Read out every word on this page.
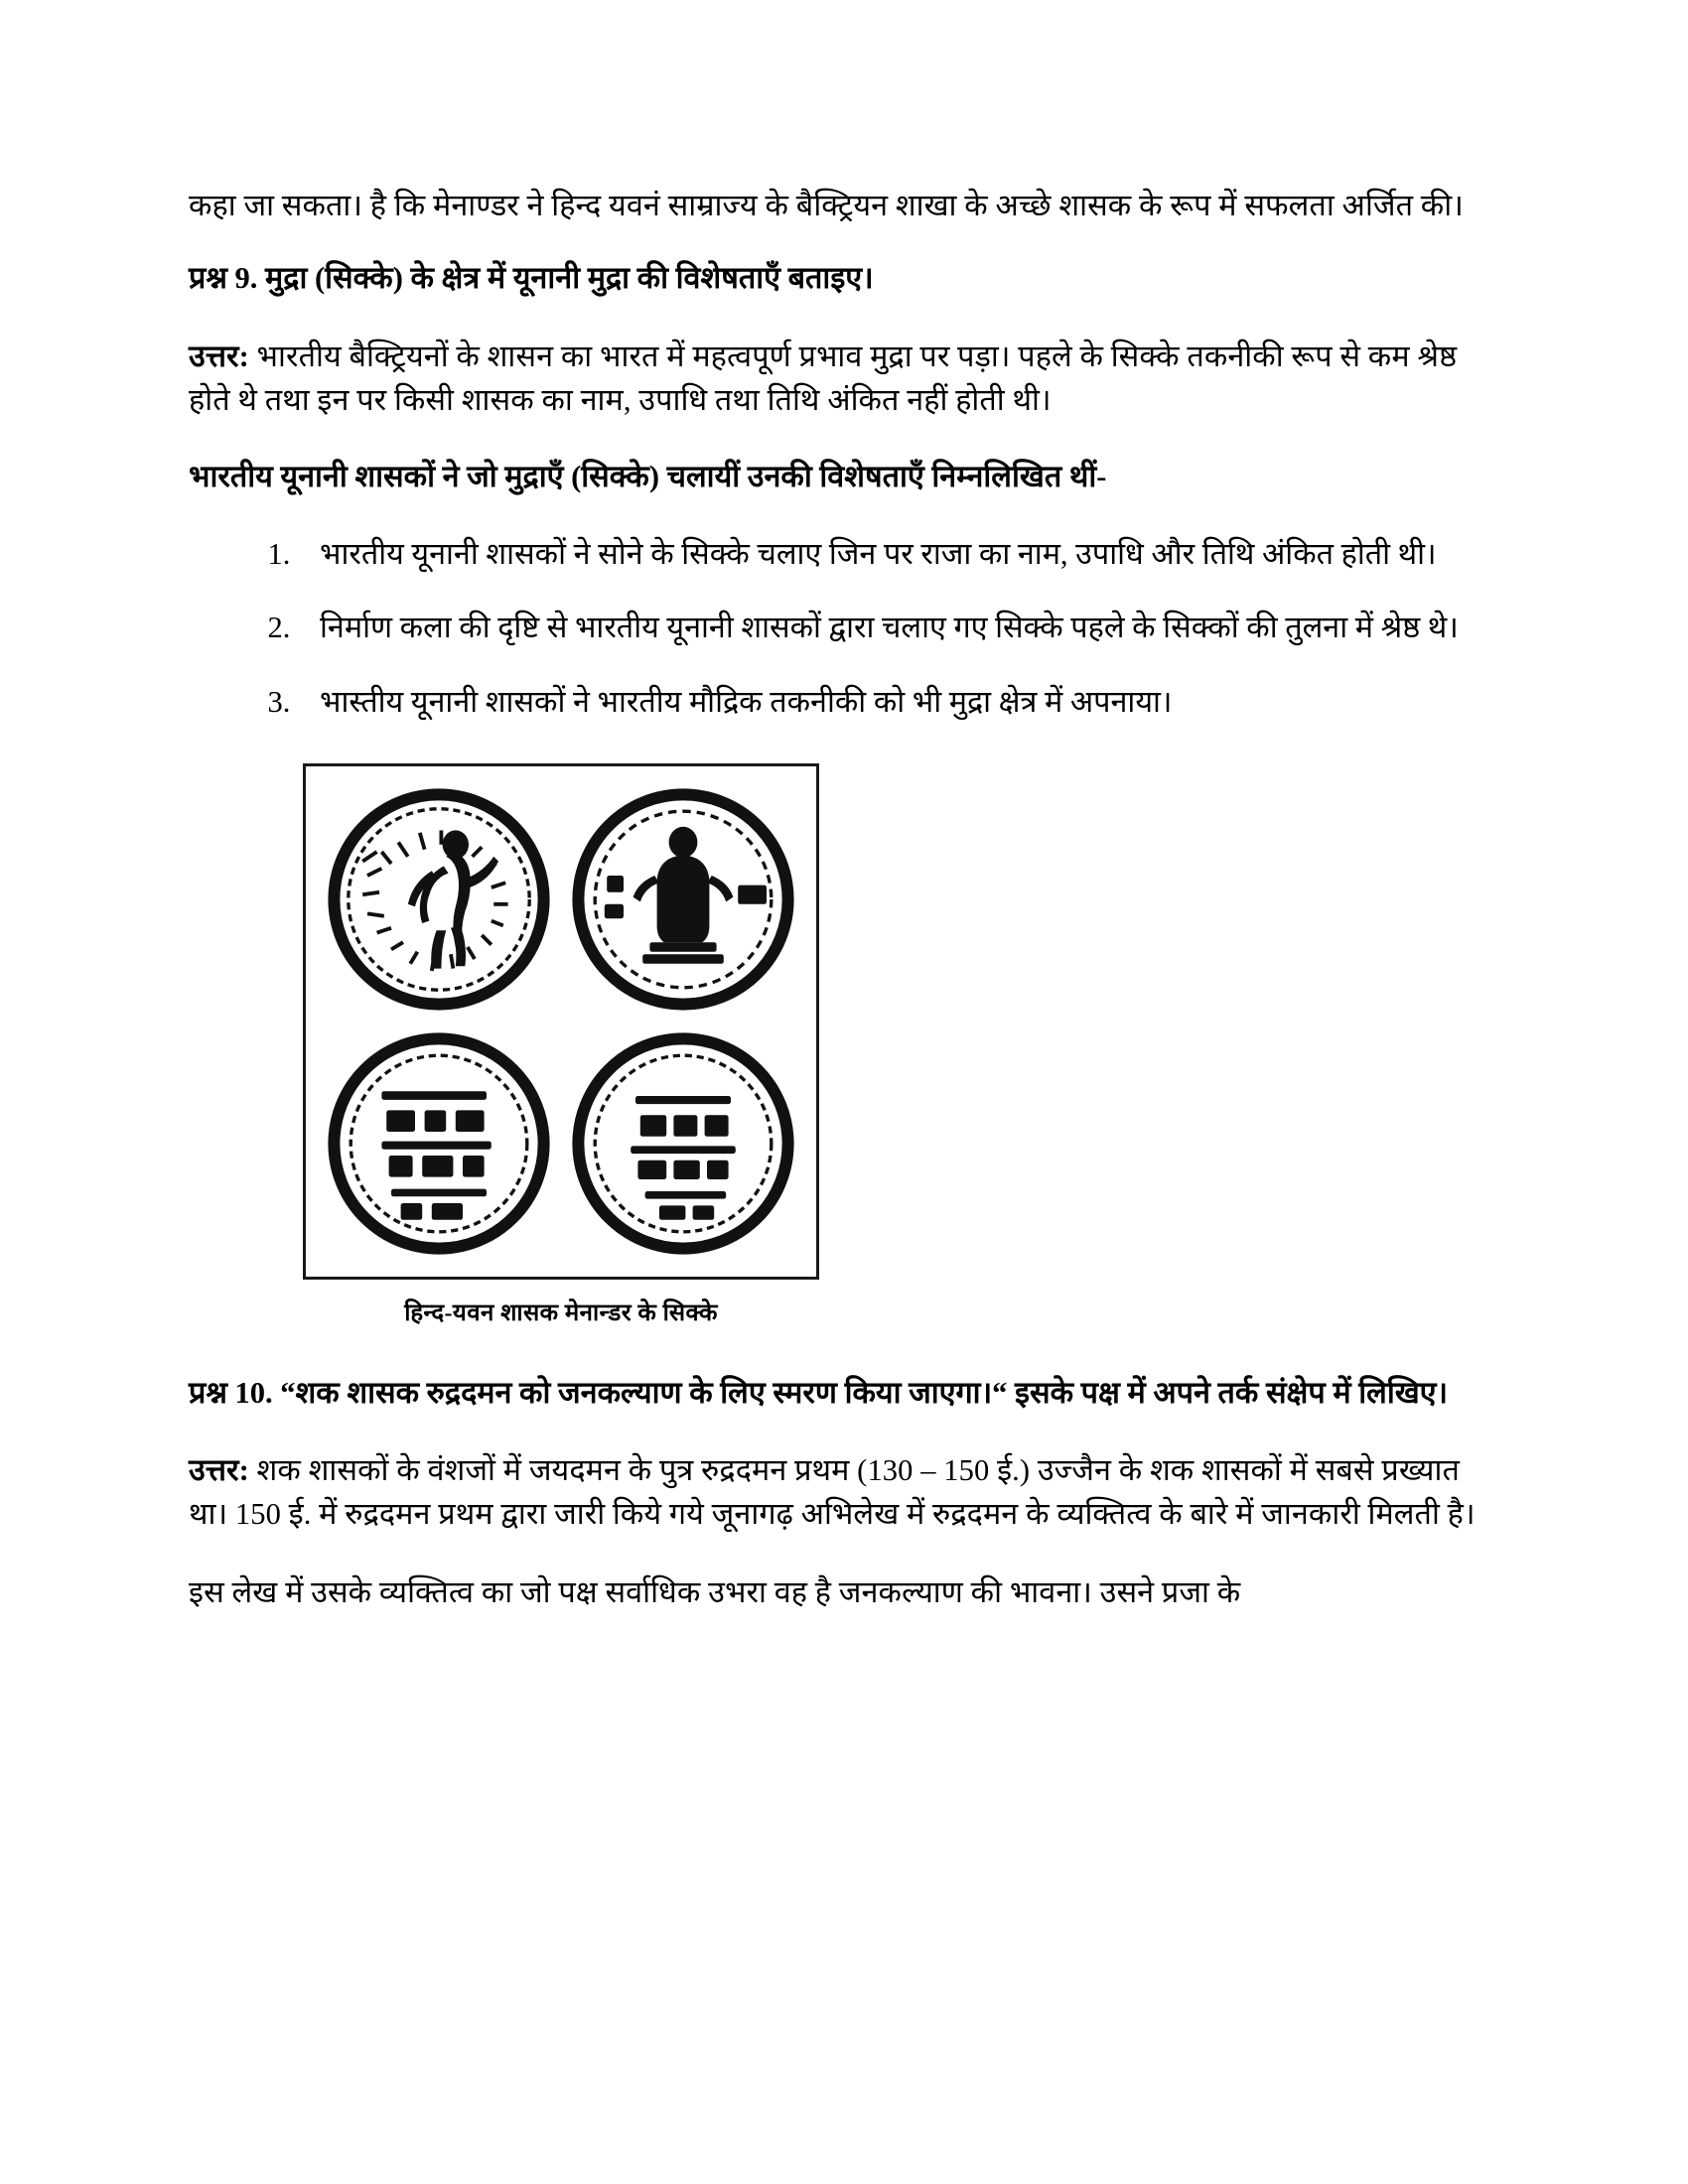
कहा जा सकता। है कि मेनाण्डर ने हिन्द यवनं साम्राज्य के बैक्ट्रियन शाखा के अच्छे शासक के रूप में सफलता अर्जित की।

प्रश्न 9. मुद्रा (सिक्के) के क्षेत्र में यूनानी मुद्रा की विशेषताएँ बताइए।

उत्तर: भारतीय बैक्ट्रियनों के शासन का भारत में महत्वपूर्ण प्रभाव मुद्रा पर पड़ा। पहले के सिक्के तकनीकी रूप से कम श्रेष्ठ होते थे तथा इन पर किसी शासक का नाम, उपाधि तथा तिथि अंकित नहीं होती थी।

भारतीय यूनानी शासकों ने जो मुद्राएँ (सिक्के) चलायीं उनकी विशेषताएँ निम्नलिखित थीं-

1. भारतीय यूनानी शासकों ने सोने के सिक्के चलाए जिन पर राजा का नाम, उपाधि और तिथि अंकित होती थी।
2. निर्माण कला की दृष्टि से भारतीय यूनानी शासकों द्वारा चलाए गए सिक्के पहले के सिक्कों की तुलना में श्रेष्ठ थे।
3. भास्तीय यूनानी शासकों ने भारतीय मौद्रिक तकनीकी को भी मुद्रा क्षेत्र में अपनाया।
हिन्द-यवन शासक मेनान्डर के सिक्के

प्रश्न 10. “शक शासक रुद्रदमन को जनकल्याण के लिए स्मरण किया जाएगा।“ इसके पक्ष में अपने तर्क संक्षेप में लिखिए।

उत्तर: शक शासकों के वंशजों में जयदमन के पुत्र रुद्रदमन प्रथम (130 – 150 ई.) उज्जैन के शक शासकों में सबसे प्रख्यात था। 150 ई. में रुद्रदमन प्रथम द्वारा जारी किये गये जूनागढ़ अभिलेख में रुद्रदमन के व्यक्तित्व के बारे में जानकारी मिलती है।

इस लेख में उसके व्यक्तित्व का जो पक्ष सर्वाधिक उभरा वह है जनकल्याण की भावना। उसने प्रजा के
